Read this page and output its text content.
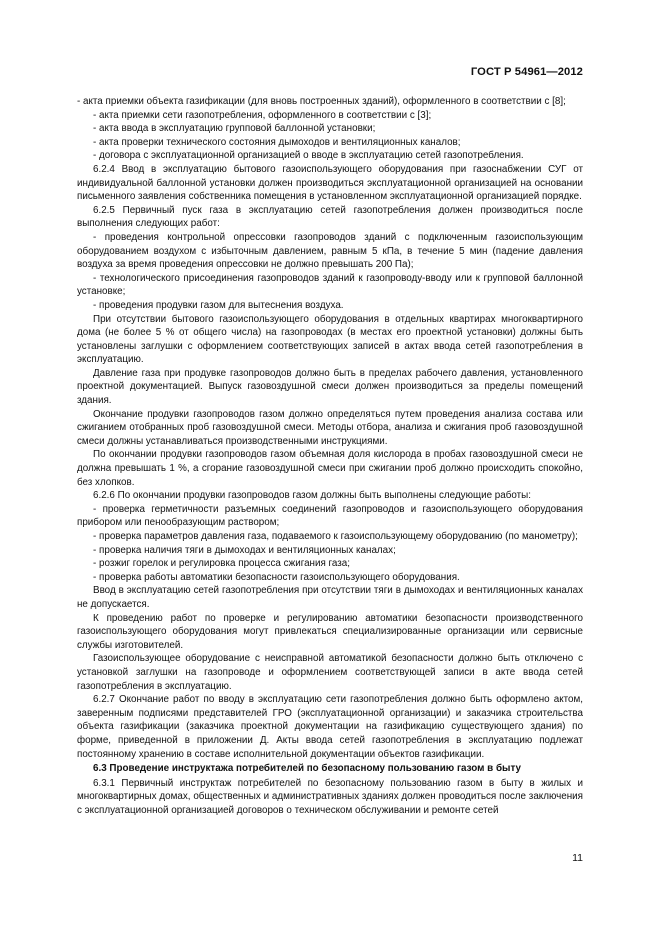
ГОСТ Р 54961—2012

- акта приемки объекта газификации (для вновь построенных зданий), оформленного в соответствии с [8];

- акта приемки сети газопотребления, оформленного в соответствии с [3];

- акта ввода в эксплуатацию групповой баллонной установки;

- акта проверки технического состояния дымоходов и вентиляционных каналов;

- договора с эксплуатационной организацией о вводе в эксплуатацию сетей газопотребления.

6.2.4 Ввод в эксплуатацию бытового газоиспользующего оборудования при газоснабжении СУГ от индивидуальной баллонной установки должен производиться эксплуатационной организацией на основании письменного заявления собственника помещения в установленном эксплуатационной организацией порядке.

6.2.5 Первичный пуск газа в эксплуатацию сетей газопотребления должен производиться после выполнения следующих работ:

- проведения контрольной опрессовки газопроводов зданий с подключенным газоиспользующим оборудованием воздухом с избыточным давлением, равным 5 кПа, в течение 5 мин (падение давления воздуха за время проведения опрессовки не должно превышать 200 Па);

- технологического присоединения газопроводов зданий к газопроводу-вводу или к групповой баллонной установке;

- проведения продувки газом для вытеснения воздуха.

При отсутствии бытового газоиспользующего оборудования в отдельных квартирах многоквартирного дома (не более 5 % от общего числа) на газопроводах (в местах его проектной установки) должны быть установлены заглушки с оформлением соответствующих записей в актах ввода сетей газопотребления в эксплуатацию.

Давление газа при продувке газопроводов должно быть в пределах рабочего давления, установленного проектной документацией. Выпуск газовоздушной смеси должен производиться за пределы помещений здания.

Окончание продувки газопроводов газом должно определяться путем проведения анализа состава или сжиганием отобранных проб газовоздушной смеси. Методы отбора, анализа и сжигания проб газовоздушной смеси должны устанавливаться производственными инструкциями.

По окончании продувки газопроводов газом объемная доля кислорода в пробах газовоздушной смеси не должна превышать 1 %, а сгорание газовоздушной смеси при сжигании проб должно происходить спокойно, без хлопков.

6.2.6 По окончании продувки газопроводов газом должны быть выполнены следующие работы:

- проверка герметичности разъемных соединений газопроводов и газоиспользующего оборудования прибором или пенообразующим раствором;

- проверка параметров давления газа, подаваемого к газоиспользующему оборудованию (по манометру);

- проверка наличия тяги в дымоходах и вентиляционных каналах;

- розжиг горелок и регулировка процесса сжигания газа;

- проверка работы автоматики безопасности газоиспользующего оборудования.

Ввод в эксплуатацию сетей газопотребления при отсутствии тяги в дымоходах и вентиляционных каналах не допускается.

К проведению работ по проверке и регулированию автоматики безопасности производственного газоиспользующего оборудования могут привлекаться специализированные организации или сервисные службы изготовителей.

Газоиспользующее оборудование с неисправной автоматикой безопасности должно быть отключено с установкой заглушки на газопроводе и оформлением соответствующей записи в акте ввода сетей газопотребления в эксплуатацию.

6.2.7 Окончание работ по вводу в эксплуатацию сети газопотребления должно быть оформлено актом, заверенным подписями представителей ГРО (эксплуатационной организации) и заказчика строительства объекта газификации (заказчика проектной документации на газификацию существующего здания) по форме, приведенной в приложении Д. Акты ввода сетей газопотребления в эксплуатацию подлежат постоянному хранению в составе исполнительной документации объектов газификации.

6.3 Проведение инструктажа потребителей по безопасному пользованию газом в быту

6.3.1 Первичный инструктаж потребителей по безопасному пользованию газом в быту в жилых и многоквартирных домах, общественных и административных зданиях должен проводиться после заключения с эксплуатационной организацией договоров о техническом обслуживании и ремонте сетей

11
